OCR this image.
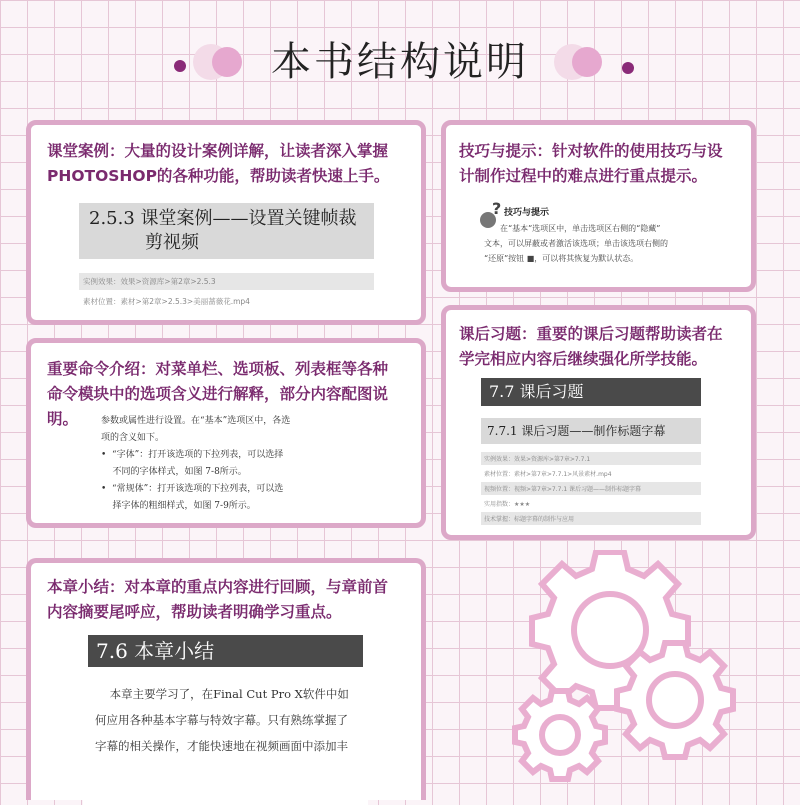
本书结构说明
课堂案例：大量的设计案例详解，让读者深入掌握
PHOTOSHOP的各种功能，帮助读者快速上手。
2.5.3 课堂案例——设置关键帧裁
剪视频
实例效果：效果>资源库>第2章>2.5.3
素材位置：素材>第2章>2.5.3>美丽蔷薇花.mp4
技巧与提示：针对软件的使用技巧与设
计制作过程中的难点进行重点提示。
? 技巧与提示
在“基本”选项区中，单击选项区右侧的“隐藏”
文本，可以屏蔽或者激活该选项；单击该选项右侧的
“还原”按钮 ■，可以将其恢复为默认状态。
重要命令介绍：对菜单栏、选项板、列表框等各种
命令模块中的选项含义进行解释，部分内容配图说
明。	参数或属性进行设置。在“基本”选项区中，各选
项的含义如下。
•  “字体”：打开该选项的下拉列表，可以选择
不同的字体样式，如图 7-8所示。
•  “常规体”：打开该选项的下拉列表，可以选
择字体的粗细样式，如图 7-9所示。
课后习题：重要的课后习题帮助读者在
学完相应内容后继续强化所学技能。
7.7 课后习题
7.7.1 课后习题——制作标题字幕
实例效果：效果>资源库>第7章>7.7.1
素材位置：素材>第7章>7.7.1>风景素材.mp4
视频位置：视频>第7章>7.7.1 课后习题——制作标题字幕
实用指数：★★★
技术掌握：标题字幕的制作与应用
本章小结：对本章的重点内容进行回顾，与章前首
内容摘要尾呼应，帮助读者明确学习重点。
7.6 本章小结
本章主要学习了，在Final Cut Pro X软件中如
何应用各种基本字幕与特效字幕。只有熟练掌握了
字幕的相关操作，才能快速地在视频画面中添加丰
